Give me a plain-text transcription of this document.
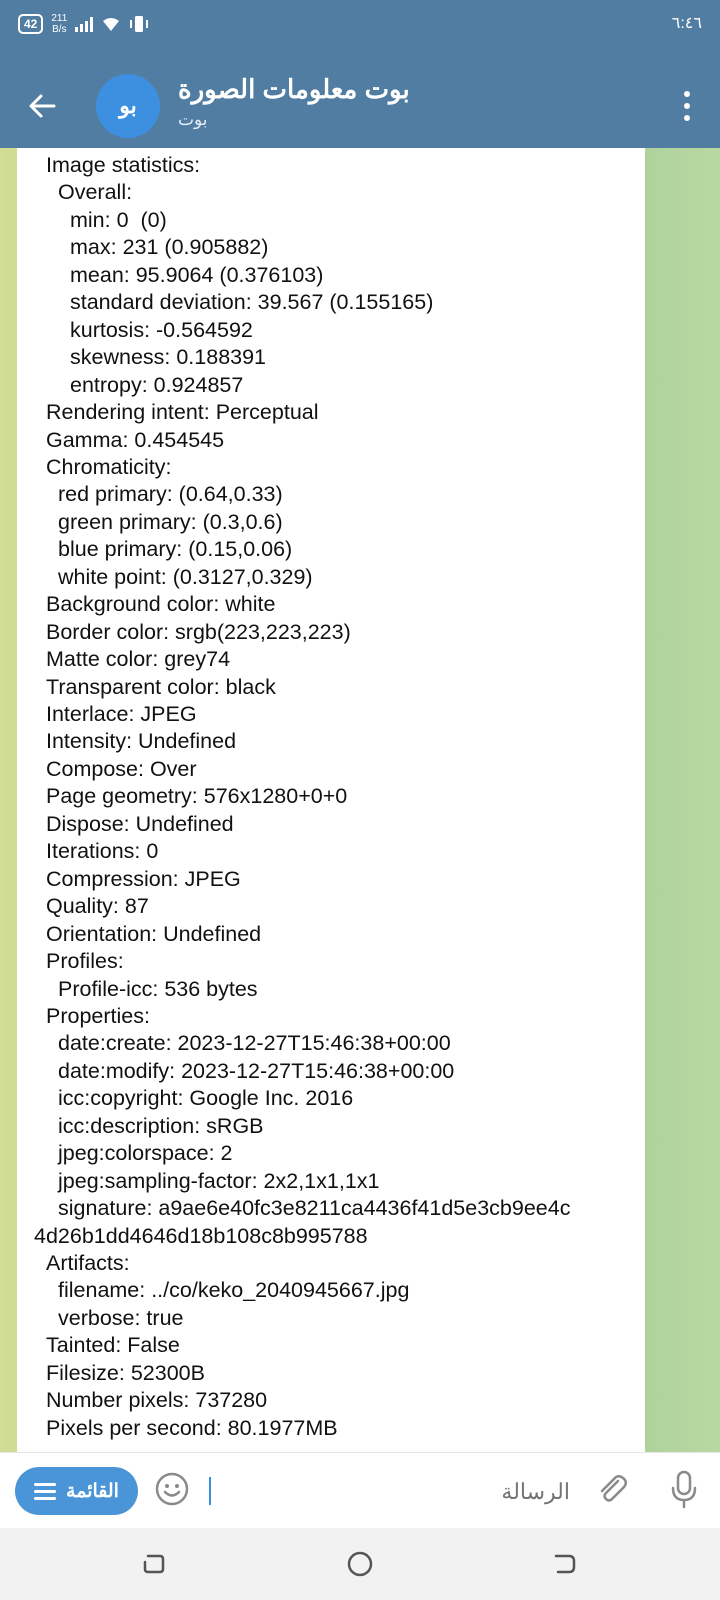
42	211
B/s	٦:٤٦
بو
بوت معلومات الصورة
بوت
Image statistics:
Overall:
min: 0  (0)
max: 231 (0.905882)
mean: 95.9064 (0.376103)
standard deviation: 39.567 (0.155165)
kurtosis: -0.564592
skewness: 0.188391
entropy: 0.924857
Rendering intent: Perceptual
Gamma: 0.454545
Chromaticity:
red primary: (0.64,0.33)
green primary: (0.3,0.6)
blue primary: (0.15,0.06)
white point: (0.3127,0.329)
Background color: white
Border color: srgb(223,223,223)
Matte color: grey74
Transparent color: black
Interlace: JPEG
Intensity: Undefined
Compose: Over
Page geometry: 576x1280+0+0
Dispose: Undefined
Iterations: 0
Compression: JPEG
Quality: 87
Orientation: Undefined
Profiles:
Profile-icc: 536 bytes
Properties:
date:create: 2023-12-27T15:46:38+00:00
date:modify: 2023-12-27T15:46:38+00:00
icc:copyright: Google Inc. 2016
icc:description: sRGB
jpeg:colorspace: 2
jpeg:sampling-factor: 2x2,1x1,1x1
signature: a9ae6e40fc3e8211ca4436f41d5e3cb9ee4c
4d26b1dd4646d18b108c8b995788
Artifacts:
filename: ../co/keko_2040945667.jpg
verbose: true
Tainted: False
Filesize: 52300B
Number pixels: 737280
Pixels per second: 80.1977MB
القائمة
الرسالة
